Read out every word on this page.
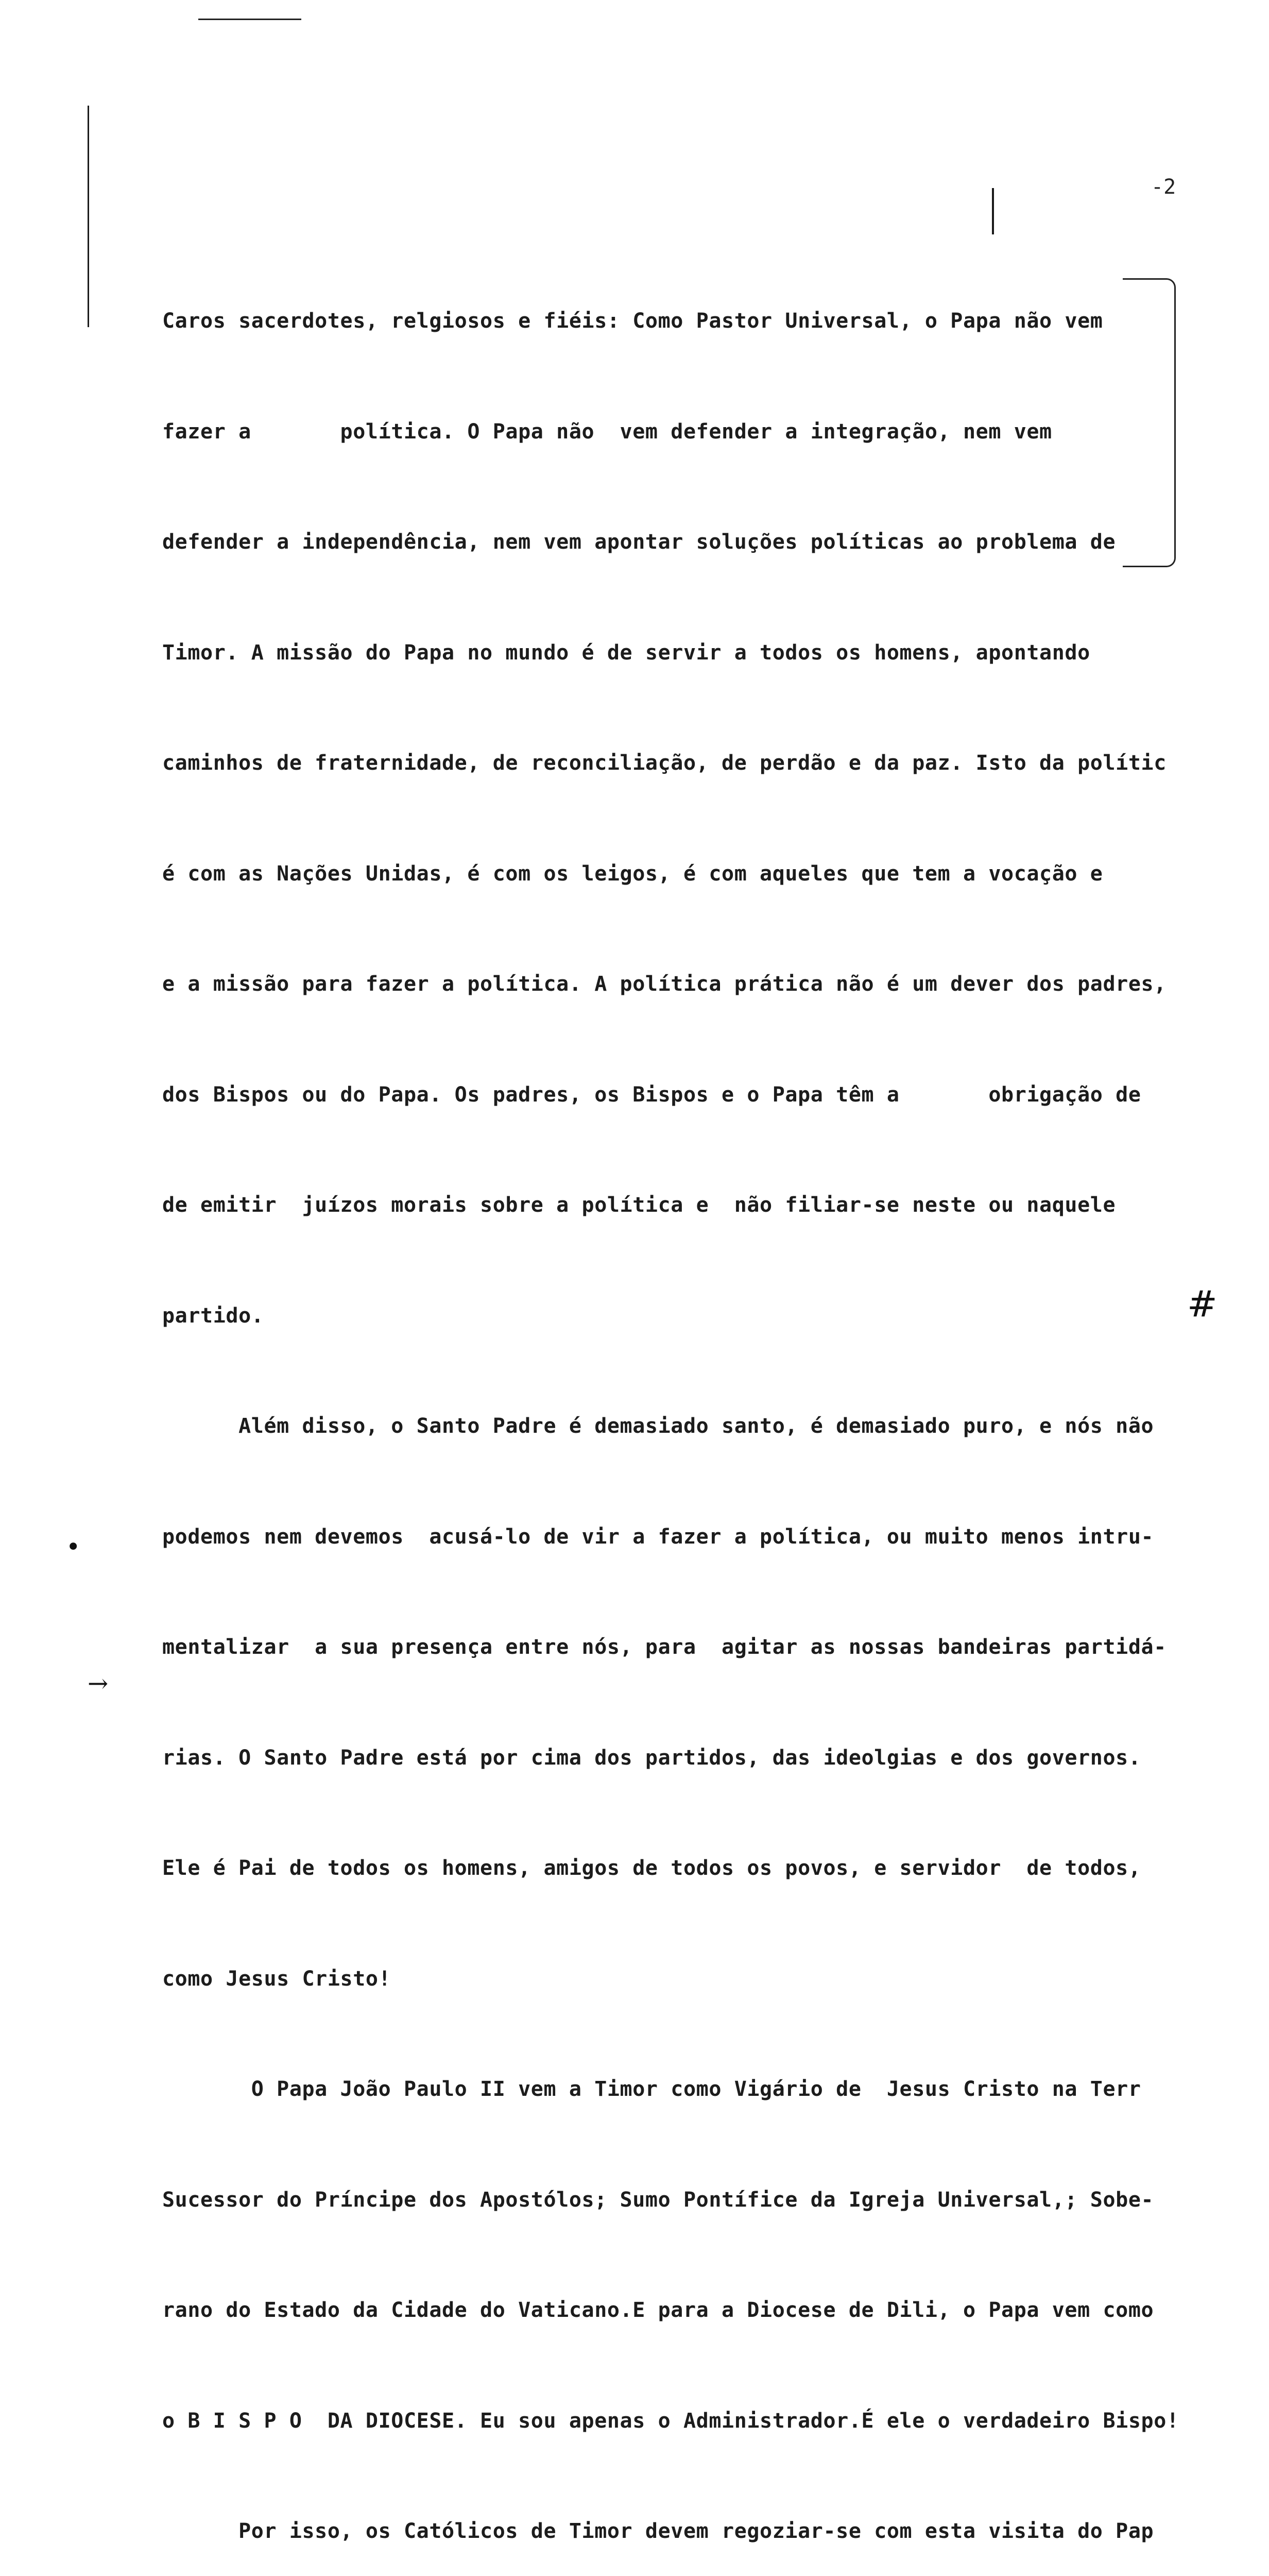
-2

Caros sacerdotes, relgiosos e fiéis: Como Pastor Universal, o Papa não vem

fazer a       política. O Papa não  vem defender a integração, nem vem

defender a independência, nem vem apontar soluções políticas ao problema de

Timor. A missão do Papa no mundo é de servir a todos os homens, apontando

caminhos de fraternidade, de reconciliação, de perdão e da paz. Isto da polític

é com as Nações Unidas, é com os leigos, é com aqueles que tem a vocação e

e a missão para fazer a política. A política prática não é um dever dos padres,

dos Bispos ou do Papa. Os padres, os Bispos e o Papa têm a       obrigação de

de emitir  juízos morais sobre a política e  não filiar-se neste ou naquele

partido.

Além disso, o Santo Padre é demasiado santo, é demasiado puro, e nós não

podemos nem devemos  acusá-lo de vir a fazer a política, ou muito menos intru-

mentalizar  a sua presença entre nós, para  agitar as nossas bandeiras partidá-

rias. O Santo Padre está por cima dos partidos, das ideolgias e dos governos.

Ele é Pai de todos os homens, amigos de todos os povos, e servidor  de todos,

como Jesus Cristo!

O Papa João Paulo II vem a Timor como Vigário de  Jesus Cristo na Terr

Sucessor do Príncipe dos Apostólos; Sumo Pontífice da Igreja Universal,; Sobe-

rano do Estado da Cidade do Vaticano.E para a Diocese de Dili, o Papa vem como

o B I S P O  DA DIOCESE. Eu sou apenas o Administrador.É ele o verdadeiro Bispo!

Por isso, os Católicos de Timor devem regoziar-se com esta visita do Pap

#
•
→
